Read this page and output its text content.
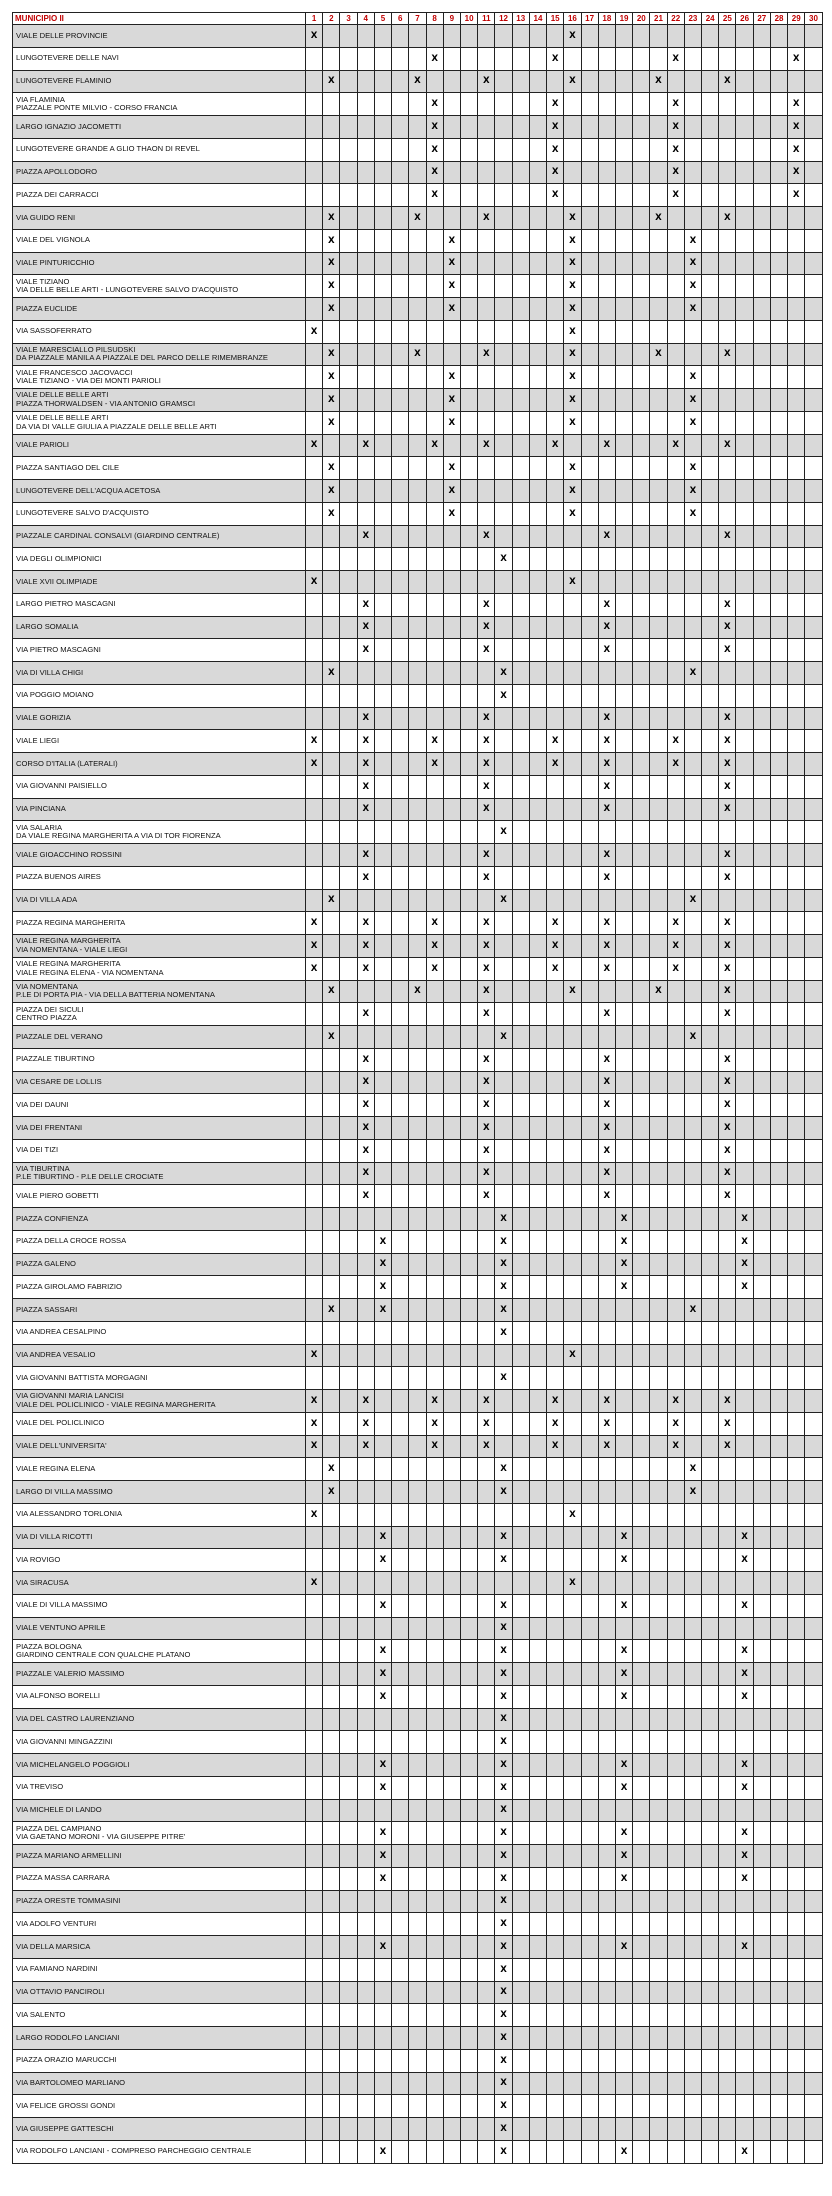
MUNICIPIO II	1	2	3	4	5	6	7	8	9	10	11	12	13	14	15	16	17	18	19	20	21	22	23	24	25	26	27	28	29	30

VIALE DELLE PROVINCIE	X															X														

LUNGOTEVERE DELLE NAVI								X							X							X							X	

LUNGOTEVERE FLAMINIO		X					X				X					X					X				X					

VIA FLAMINIA
PIAZZALE PONTE MILVIO - CORSO FRANCIA								X							X							X							X	

LARGO IGNAZIO JACOMETTI								X							X							X							X	

LUNGOTEVERE GRANDE A GLIO THAON DI REVEL								X							X							X							X	

PIAZZA APOLLODORO								X							X							X							X	

PIAZZA DEI CARRACCI								X							X							X							X	

VIA GUIDO RENI		X					X				X					X					X				X					

VIALE DEL VIGNOLA		X							X							X							X							

VIALE PINTURICCHIO		X							X							X							X							

VIALE TIZIANO
VIA DELLE BELLE ARTI - LUNGOTEVERE SALVO D'ACQUISTO		X							X							X							X							

PIAZZA EUCLIDE		X							X							X							X							

VIA SASSOFERRATO	X															X														

VIALE MARESCIALLO PILSUDSKI
DA PIAZZALE MANILA A PIAZZALE DEL PARCO DELLE RIMEMBRANZE		X					X				X					X					X				X					

VIALE FRANCESCO JACOVACCI
VIALE TIZIANO - VIA DEI MONTI PARIOLI		X							X							X							X							

VIALE DELLE BELLE ARTI
PIAZZA THORWALDSEN - VIA ANTONIO GRAMSCI		X							X							X							X							

VIALE DELLE BELLE ARTI
DA VIA DI VALLE GIULIA A PIAZZALE DELLE BELLE ARTI		X							X							X							X							

VIALE PARIOLI	X			X				X			X				X			X				X			X					

PIAZZA SANTIAGO DEL CILE		X							X							X							X							

LUNGOTEVERE DELL'ACQUA ACETOSA		X							X							X							X							

LUNGOTEVERE SALVO D'ACQUISTO		X							X							X							X							

PIAZZALE CARDINAL CONSALVI (GIARDINO CENTRALE)				X							X							X							X					

VIA DEGLI OLIMPIONICI												X																		

VIALE XVII OLIMPIADE	X															X														

LARGO PIETRO MASCAGNI				X							X							X							X					

LARGO SOMALIA				X							X							X							X					

VIA PIETRO MASCAGNI				X							X							X							X					

VIA DI VILLA CHIGI		X										X											X							

VIA POGGIO MOIANO												X																		

VIALE GORIZIA				X							X							X							X					

VIALE LIEGI	X			X				X			X				X			X				X			X					

CORSO D'ITALIA (LATERALI)	X			X				X			X				X			X				X			X					

VIA GIOVANNI PAISIELLO				X							X							X							X					

VIA PINCIANA				X							X							X							X					

VIA SALARIA
DA VIALE REGINA MARGHERITA A VIA DI TOR FIORENZA												X																		

VIALE GIOACCHINO ROSSINI				X							X							X							X					

PIAZZA BUENOS AIRES				X							X							X							X					

VIA DI VILLA ADA		X										X											X							

PIAZZA REGINA MARGHERITA	X			X				X			X				X			X				X			X					

VIALE REGINA MARGHERITA
VIA NOMENTANA - VIALE LIEGI	X			X				X			X				X			X				X			X					

VIALE REGINA MARGHERITA
VIALE REGINA ELENA - VIA NOMENTANA	X			X				X			X				X			X				X			X					

VIA NOMENTANA
P.LE DI PORTA PIA - VIA DELLA BATTERIA NOMENTANA		X					X				X					X					X				X					

PIAZZA DEI SICULI
CENTRO PIAZZA				X							X							X							X					

PIAZZALE DEL VERANO		X										X											X							

PIAZZALE TIBURTINO				X							X							X							X					

VIA CESARE DE LOLLIS				X							X							X							X					

VIA DEI DAUNI				X							X							X							X					

VIA DEI FRENTANI				X							X							X							X					

VIA DEI TIZI				X							X							X							X					

VIA TIBURTINA
P.LE TIBURTINO - P.LE DELLE CROCIATE				X							X							X							X					

VIALE PIERO GOBETTI				X							X							X							X					

PIAZZA CONFIENZA												X							X							X				

PIAZZA DELLA CROCE ROSSA					X							X							X							X				

PIAZZA GALENO					X							X							X							X				

PIAZZA GIROLAMO FABRIZIO					X							X							X							X				

PIAZZA SASSARI		X			X							X											X							

VIA ANDREA CESALPINO												X																		

VIA ANDREA VESALIO	X															X														

VIA GIOVANNI BATTISTA MORGAGNI												X																		

VIA GIOVANNI MARIA LANCISI
VIALE DEL POLICLINICO - VIALE REGINA MARGHERITA	X			X				X			X				X			X				X			X					

VIALE DEL POLICLINICO	X			X				X			X				X			X				X			X					

VIALE DELL'UNIVERSITA'	X			X				X			X				X			X				X			X					

VIALE REGINA ELENA		X										X											X							

LARGO DI VILLA MASSIMO		X										X											X							

VIA ALESSANDRO TORLONIA	X															X														

VIA DI VILLA RICOTTI					X							X							X							X				

VIA ROVIGO					X							X							X							X				

VIA SIRACUSA	X															X														

VIALE DI VILLA MASSIMO					X							X							X							X				

VIALE VENTUNO APRILE												X																		

PIAZZA BOLOGNA
GIARDINO CENTRALE CON QUALCHE PLATANO					X							X							X							X				

PIAZZALE VALERIO MASSIMO					X							X							X							X				

VIA ALFONSO BORELLI					X							X							X							X				

VIA DEL CASTRO LAURENZIANO												X																		

VIA GIOVANNI MINGAZZINI												X																		

VIA MICHELANGELO POGGIOLI					X							X							X							X				

VIA TREVISO					X							X							X							X				

VIA MICHELE DI LANDO												X																		

PIAZZA DEL CAMPIANO
VIA GAETANO MORONI - VIA GIUSEPPE PITRE'					X							X							X							X				

PIAZZA MARIANO ARMELLINI					X							X							X							X				

PIAZZA MASSA CARRARA					X							X							X							X				

PIAZZA ORESTE TOMMASINI												X																		

VIA ADOLFO VENTURI												X																		

VIA DELLA MARSICA					X							X							X							X				

VIA FAMIANO NARDINI												X																		

VIA OTTAVIO PANCIROLI												X																		

VIA SALENTO												X																		

LARGO RODOLFO LANCIANI												X																		

PIAZZA ORAZIO MARUCCHI												X																		

VIA BARTOLOMEO MARLIANO												X																		

VIA FELICE GROSSI GONDI												X																		

VIA GIUSEPPE GATTESCHI												X																		

VIA RODOLFO LANCIANI - COMPRESO PARCHEGGIO CENTRALE					X							X							X							X				
